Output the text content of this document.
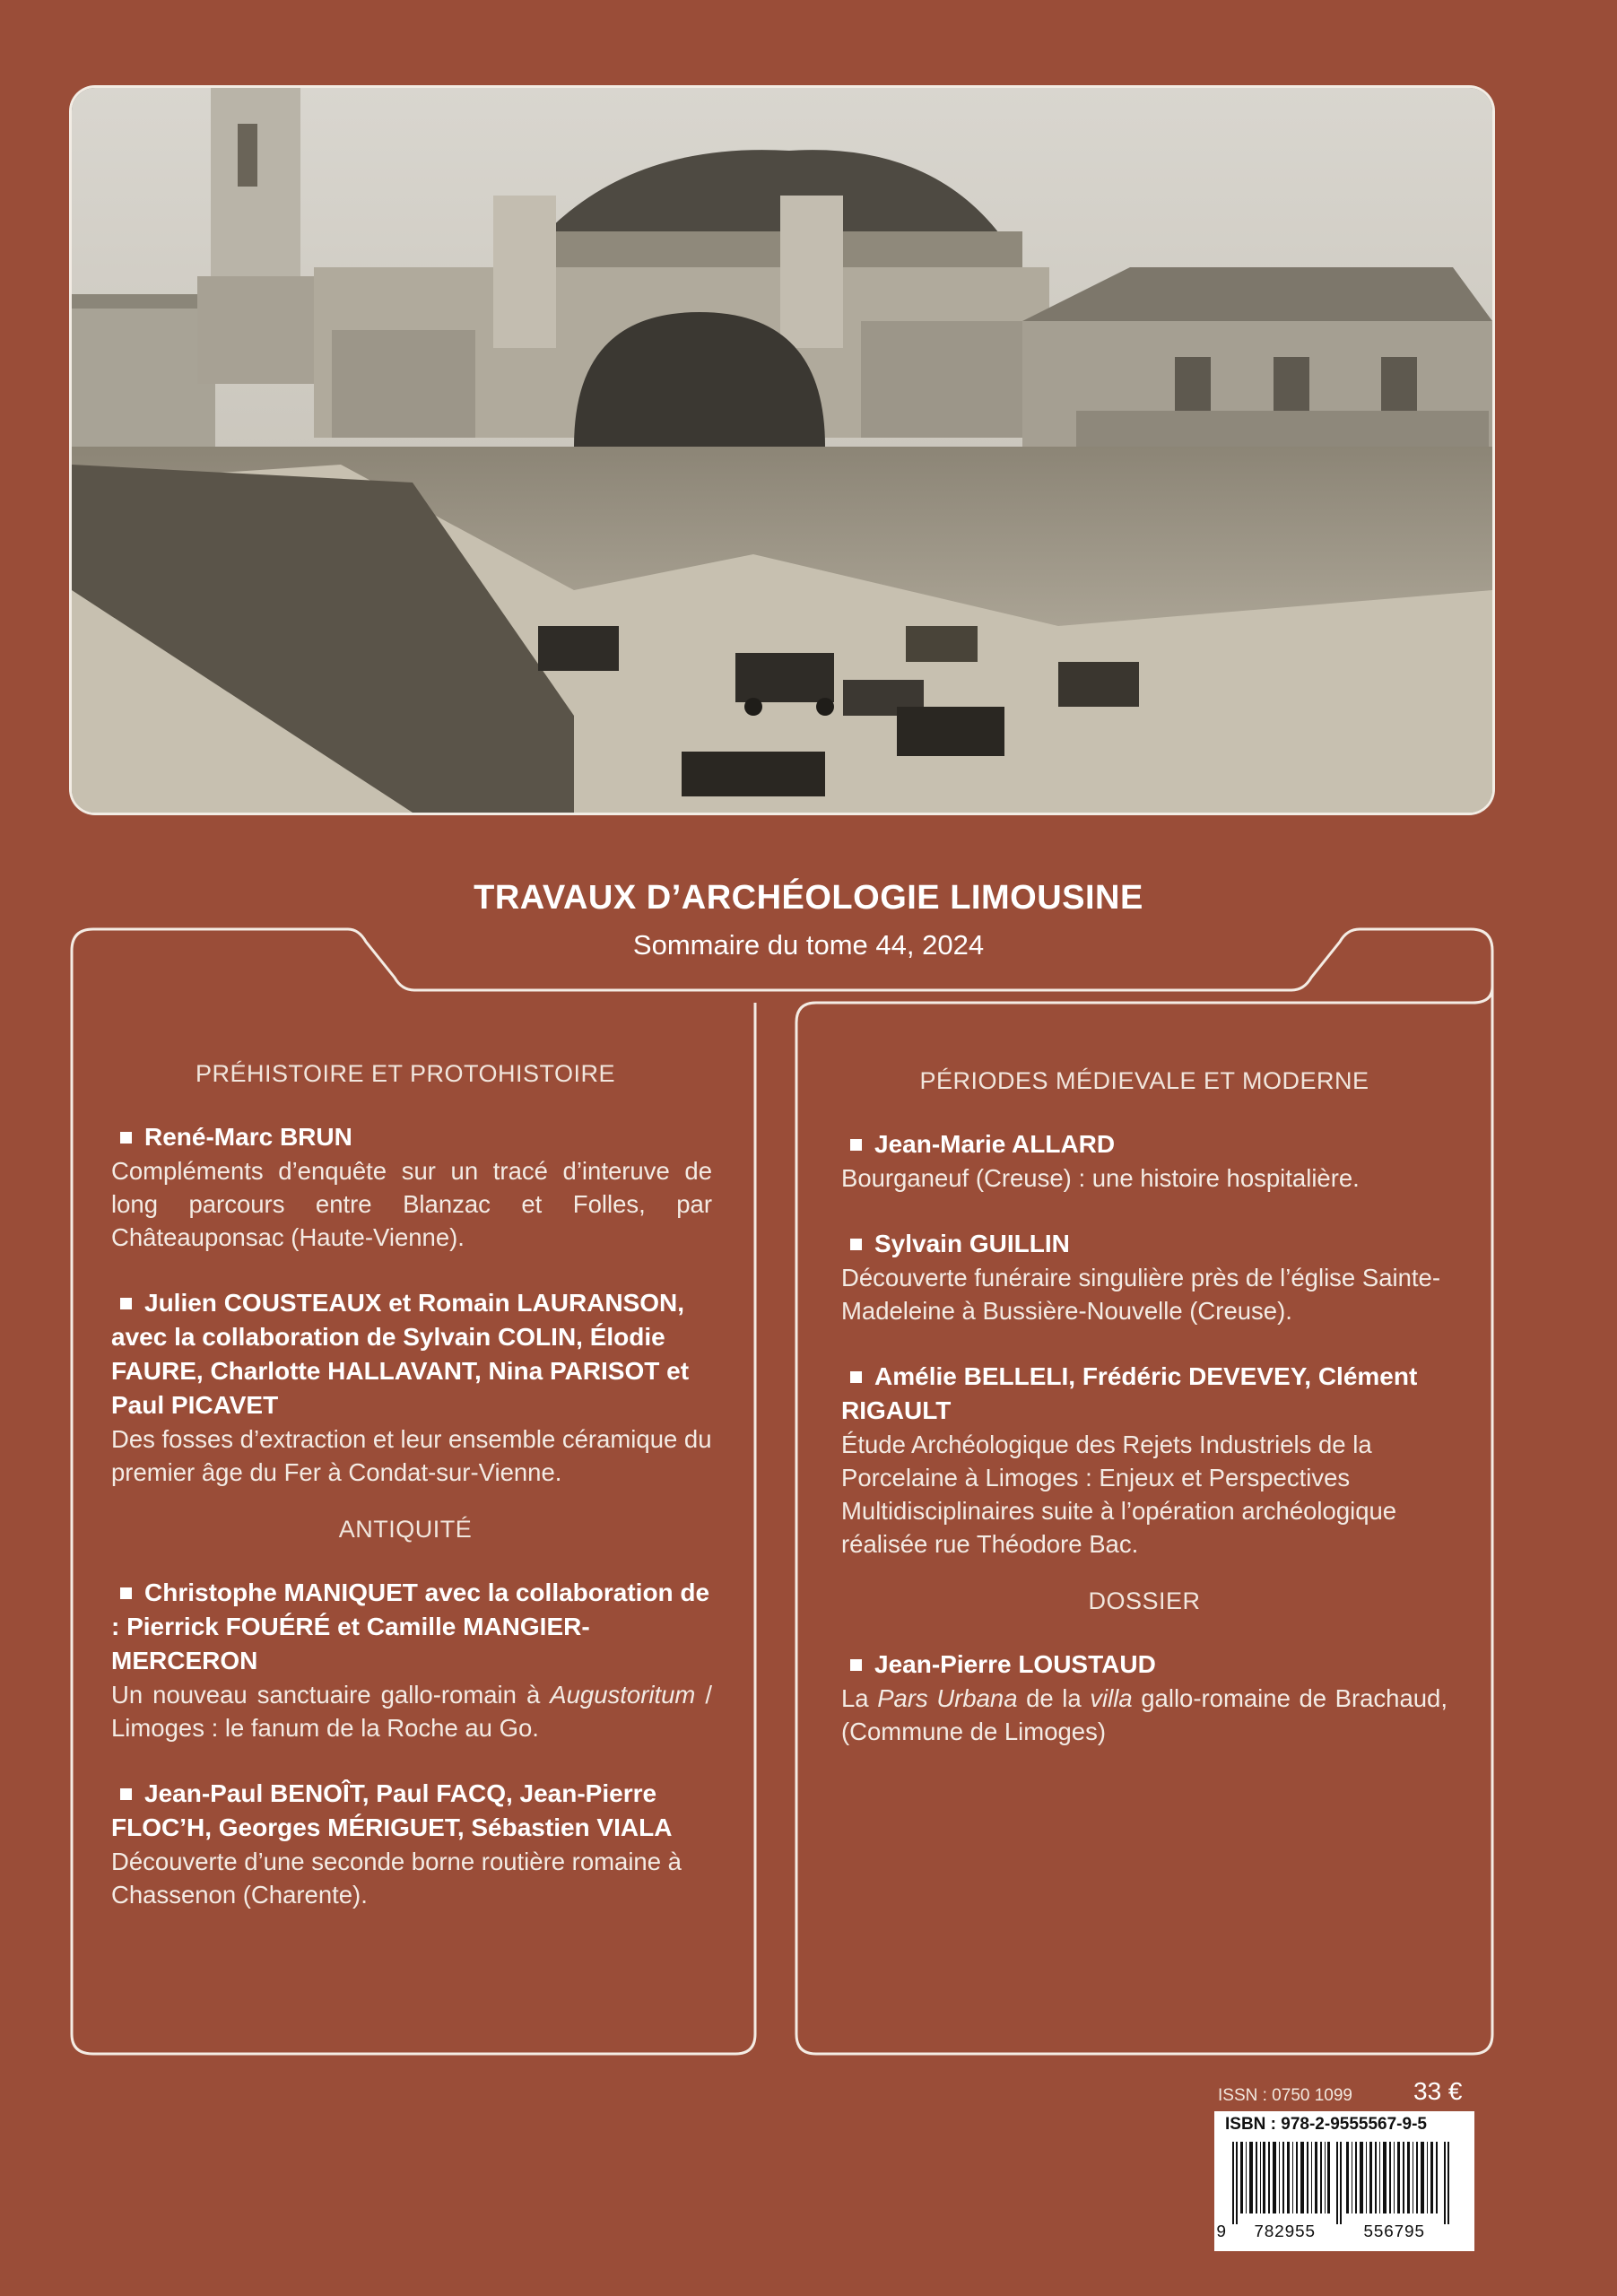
TRAVAUX D’ARCHÉOLOGIE LIMOUSINE
Sommaire du tome 44, 2024
PRÉHISTOIRE ET PROTOHISTOIRE
René-Marc BRUN
Compléments d’enquête sur un tracé d’interuve de long parcours entre Blanzac et Folles, par Châteauponsac (Haute-Vienne).
Julien COUSTEAUX et Romain LAURANSON, avec la collaboration de Sylvain COLIN, Élodie FAURE, Charlotte HALLAVANT, Nina PARISOT et Paul PICAVET
Des fosses d’extraction et leur ensemble céramique du premier âge du Fer à Condat-sur-Vienne.
ANTIQUITÉ
Christophe MANIQUET avec la collaboration de : Pierrick FOUÉRÉ et Camille MANGIER-MERCERON
Un nouveau sanctuaire gallo-romain à Augustoritum / Limoges : le fanum de la Roche au Go.
Jean-Paul BENOÎT, Paul FACQ, Jean-Pierre FLOC’H, Georges MÉRIGUET, Sébastien VIALA
Découverte d’une seconde borne routière romaine à Chassenon (Charente).
PÉRIODES MÉDIEVALE ET MODERNE
Jean-Marie ALLARD
Bourganeuf (Creuse) : une histoire hospitalière.
Sylvain GUILLIN
Découverte funéraire singulière près de l’église Sainte-Madeleine à Bussière-Nouvelle (Creuse).
Amélie BELLELI, Frédéric DEVEVEY, Clément RIGAULT
Étude Archéologique des Rejets Industriels de la Porcelaine à Limoges : Enjeux et Perspectives Multidisciplinaires suite à l’opération archéologique réalisée rue Théodore Bac.
DOSSIER
Jean-Pierre LOUSTAUD
La Pars Urbana de la villa gallo-romaine de Brachaud, (Commune de Limoges)
ISSN : 0750 1099 33 €
ISBN : 978-2-9555567-9-5
9 782955	556795
